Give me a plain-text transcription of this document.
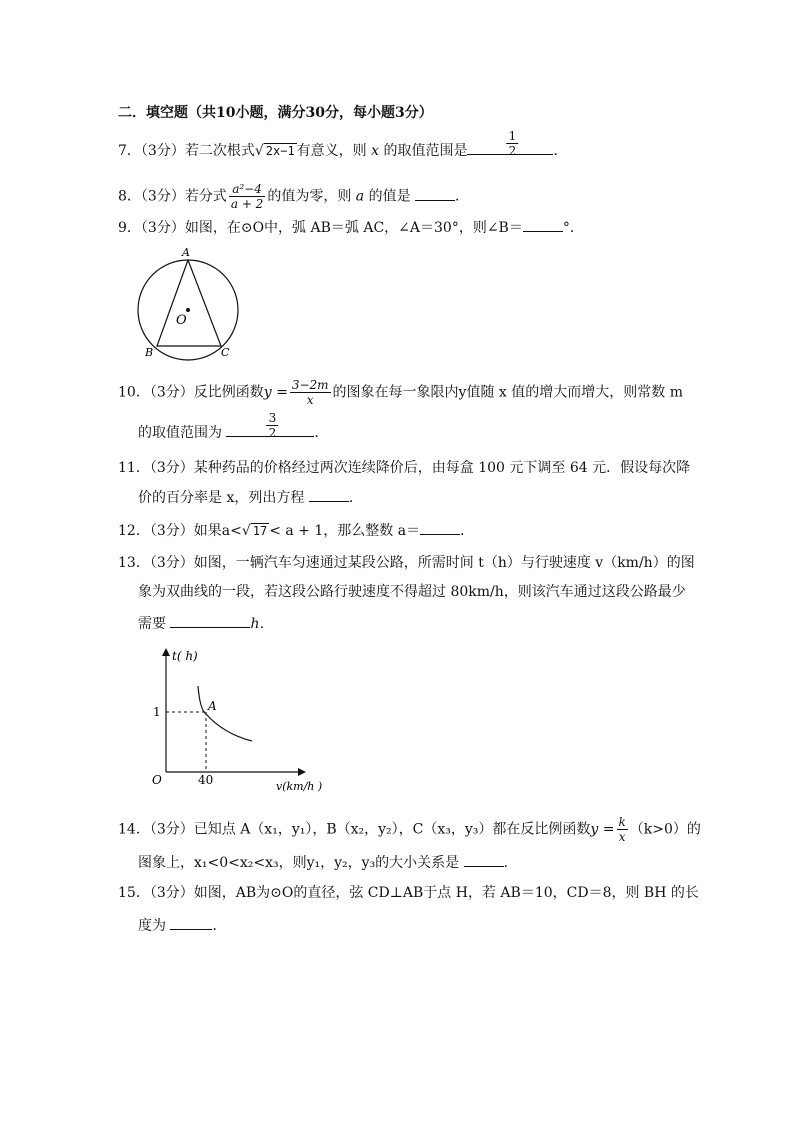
二．填空题（共10小题，满分30分，每小题3分）
7．（3分）若二次根式√ 2x−1 有意义，则 x 的取值范围是	$\frac{1}{2}$	．
8．（3分）若分式 $\frac{\text{a²−4}}{a + 2}$ 的值为零，则 a 的值是	．
9．（3分）如图，在⊙O中，弧 AB＝弧 AC，∠A＝30°，则∠B＝	°．
A
B	C
O
10．（3分）反比例函数$y = \frac{3-2m}{x}$ 的图象在每一象限内y值随 x 值的增大而增大，则常数 m
的取值范围为	$\frac{3}{2}$	．
11．（3分）某种药品的价格经过两次连续降价后，由每盒 100 元下调至 64 元．假设每次降
价的百分率是 x，列出方程	．
12．（3分）如果a<√ 17 < a + 1，那么整数 a＝	．
13．（3分）如图，一辆汽车匀速通过某段公路，所需时间 t（h）与行驶速度 v（km/h）的图
象为双曲线的一段，若这段公路行驶速度不得超过 80km/h，则该汽车通过这段公路最少
需要	h．
t( h)
v(km/h )
O
1
40
A
14．（3分）已知点 A（x₁，y₁），B（x₂，y₂），C（x₃，y₃）都在反比例函数$y = \frac{k}{x} (k>0)$的
图象上，x₁<0<x₂<x₃，则y₁，y₂，y₃的大小关系是	．
15．（3分）如图，AB为⊙O的直径，弦 CD⊥AB于点 H，若 AB＝10，CD＝8，则 BH 的长
度为	．
